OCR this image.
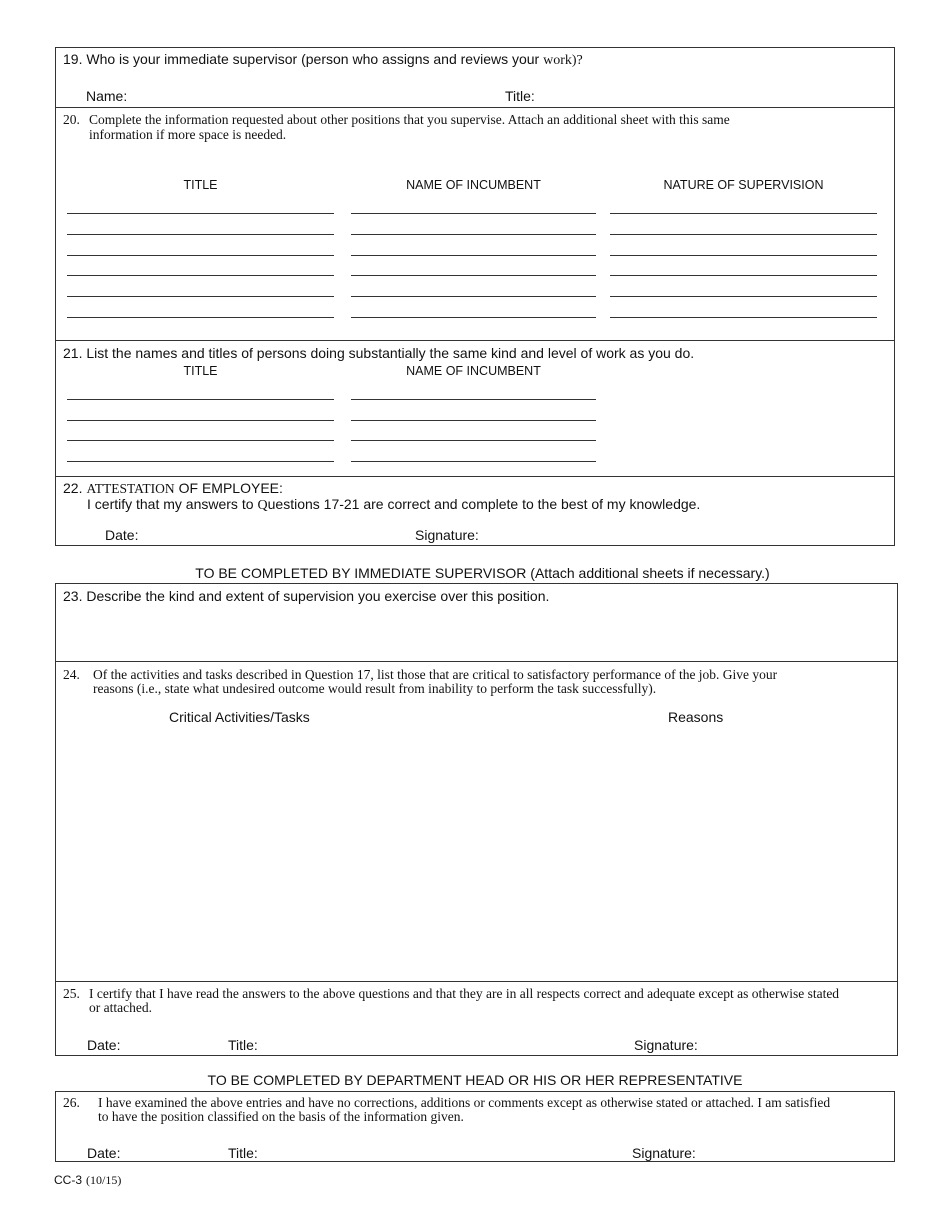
19. Who is your immediate supervisor (person who assigns and reviews your work)?
Name:	Title:
20. Complete the information requested about other positions that you supervise. Attach an additional sheet with this same
information if more space is needed.
TITLE	NAME OF INCUMBENT	NATURE OF SUPERVISION
21. List the names and titles of persons doing substantially the same kind and level of work as you do.
TITLE	NAME OF INCUMBENT
22. ATTESTATION OF EMPLOYEE:
I certify that my answers to Questions 17-21 are correct and complete to the best of my knowledge.
Date:	Signature:
TO BE COMPLETED BY IMMEDIATE SUPERVISOR (Attach additional sheets if necessary.)
23. Describe the kind and extent of supervision you exercise over this position.
24. Of the activities and tasks described in Question 17, list those that are critical to satisfactory performance of the job. Give your
reasons (i.e., state what undesired outcome would result from inability to perform the task successfully).
Critical Activities/Tasks	Reasons
25. I certify that I have read the answers to the above questions and that they are in all respects correct and adequate except as otherwise stated
or attached.
Date:	Title:	Signature:
TO BE COMPLETED BY DEPARTMENT HEAD OR HIS OR HER REPRESENTATIVE
26. I have examined the above entries and have no corrections, additions or comments except as otherwise stated or attached. I am satisfied
to have the position classified on the basis of the information given.
Date:	Title:	Signature:
CC-3 (10/15)
